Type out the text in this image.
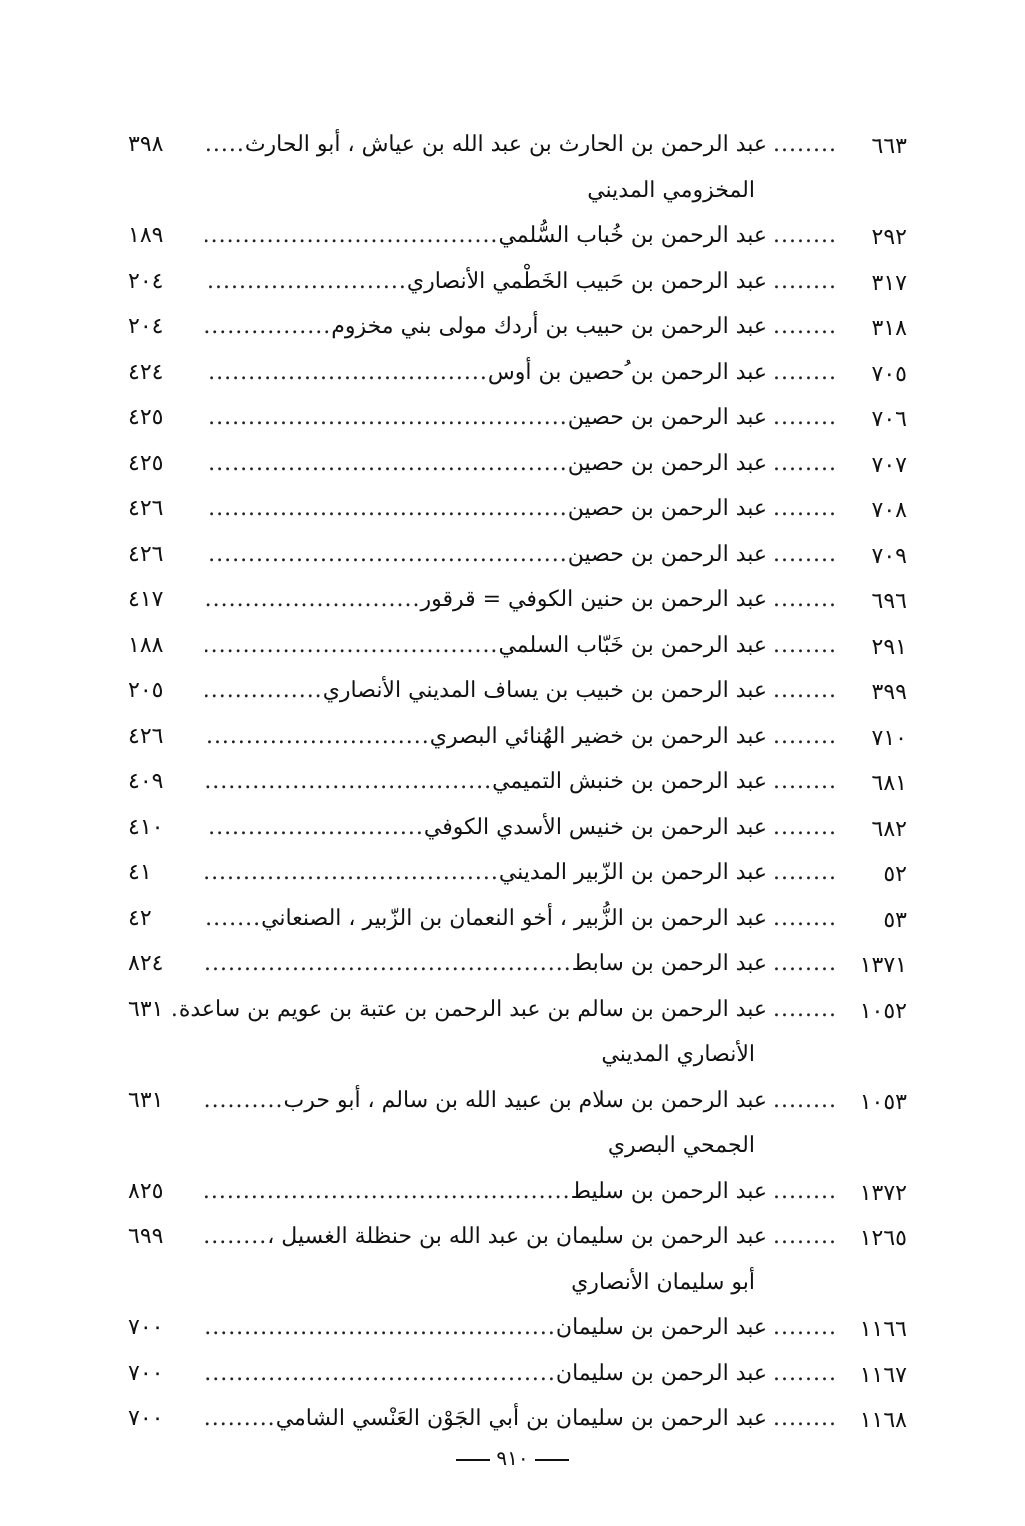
٦٦٣
........
عبد الرحمن بن الحارث بن عبد الله بن عياش ، أبو الحارث
.....
٣٩٨
المخزومي المديني
٢٩٢
........
عبد الرحمن بن خُباب السُّلمي
.....
١٨٩
٣١٧
........
عبد الرحمن بن حَبيب الخَطْمي الأنصاري
.....
٢٠٤
٣١٨
........
عبد الرحمن بن حبيب بن أردك مولى بني مخزوم
.....
٢٠٤
٧٠٥
........
عبد الرحمن بن ُحصين بن أوس
.....
٤٢٤
٧٠٦
........
عبد الرحمن بن حصين
.....
٤٢٥
٧٠٧
........
عبد الرحمن بن حصين
.....
٤٢٥
٧٠٨
........
عبد الرحمن بن حصين
.....
٤٢٦
٧٠٩
........
عبد الرحمن بن حصين
.....
٤٢٦
٦٩٦
........
عبد الرحمن بن حنين الكوفي = قرقور
.....
٤١٧
٢٩١
........
عبد الرحمن بن خَبّاب السلمي
.....
١٨٨
٣٩٩
........
عبد الرحمن بن خبيب بن يساف المديني الأنصاري
.....
٢٠٥
٧١٠
........
عبد الرحمن بن خضير الهُنائي البصري
.....
٤٢٦
٦٨١
........
عبد الرحمن بن خنبش التميمي
.....
٤٠٩
٦٨٢
........
عبد الرحمن بن خنيس الأسدي الكوفي
.....
٤١٠
٥٢
........
عبد الرحمن بن الزّبير المديني
.....
٤١
٥٣
........
عبد الرحمن بن الزُّبير ، أخو النعمان بن الزّبير ، الصنعاني
.....
٤٢
١٣٧١
........
عبد الرحمن بن سابط
.....
٨٢٤
١٠٥٢
........
عبد الرحمن بن سالم بن عبد الرحمن بن عتبة بن عويم بن ساعدة
.....
٦٣١
الأنصاري المديني
١٠٥٣
........
عبد الرحمن بن سلام بن عبيد الله بن سالم ، أبو حرب
.....
٦٣١
الجمحي البصري
١٣٧٢
........
عبد الرحمن بن سليط
.....
٨٢٥
١٢٦٥
........
عبد الرحمن بن سليمان بن عبد الله بن حنظلة الغسيل ،
.....
٦٩٩
أبو سليمان الأنصاري
١١٦٦
........
عبد الرحمن بن سليمان
.....
٧٠٠
١١٦٧
........
عبد الرحمن بن سليمان
.....
٧٠٠
١١٦٨
........
عبد الرحمن بن سليمان بن أبي الجَوْن العَنْسي الشامي
.....
٧٠٠
٩١٠
